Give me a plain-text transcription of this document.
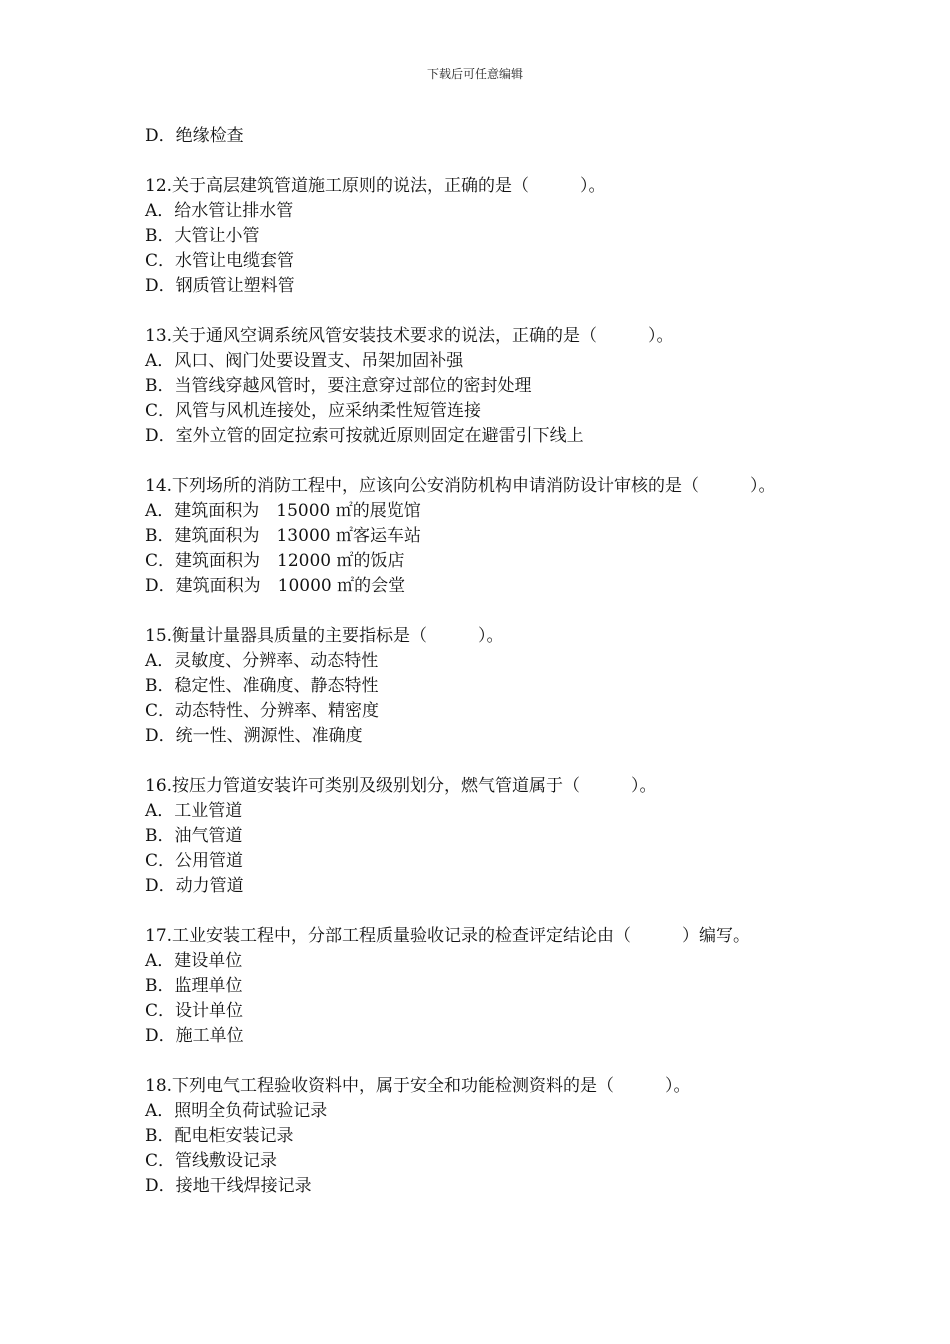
下载后可任意编辑
D．绝缘检查
12.关于高层建筑管道施工原则的说法，正确的是（　　　）。
A．给水管让排水管
B．大管让小管
C．水管让电缆套管
D．钢质管让塑料管
13.关于通风空调系统风管安装技术要求的说法，正确的是（　　　）。
A．风口、阀门处要设置支、吊架加固补强
B．当管线穿越风管时，要注意穿过部位的密封处理
C．风管与风机连接处，应采纳柔性短管连接
D．室外立管的固定拉索可按就近原则固定在避雷引下线上
14.下列场所的消防工程中，应该向公安消防机构申请消防设计审核的是（　　　）。
A．建筑面积为　15000 ㎡的展览馆
B．建筑面积为　13000 ㎡客运车站
C．建筑面积为　12000 ㎡的饭店
D．建筑面积为　10000 ㎡的会堂
15.衡量计量器具质量的主要指标是（　　　）。
A．灵敏度、分辨率、动态特性
B．稳定性、准确度、静态特性
C．动态特性、分辨率、精密度
D．统一性、溯源性、准确度
16.按压力管道安装许可类别及级别划分，燃气管道属于（　　　）。
A．工业管道
B．油气管道
C．公用管道
D．动力管道
17.工业安装工程中，分部工程质量验收记录的检查评定结论由（　　　）编写。
A．建设单位
B．监理单位
C．设计单位
D．施工单位
18.下列电气工程验收资料中，属于安全和功能检测资料的是（　　　）。
A．照明全负荷试验记录
B．配电柜安装记录
C．管线敷设记录
D．接地干线焊接记录
